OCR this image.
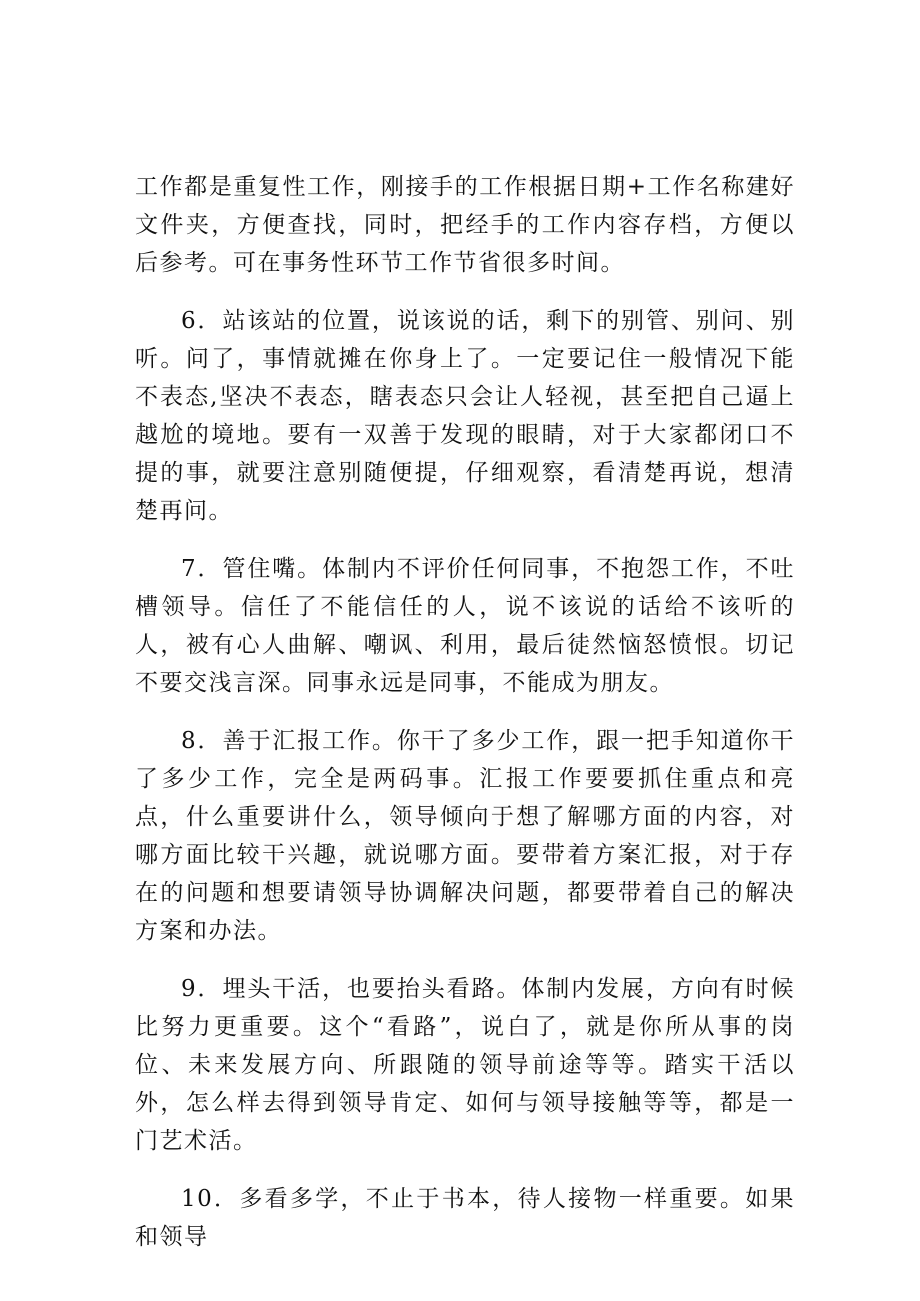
工作都是重复性工作，刚接手的工作根据日期+工作名称建好文件夹，方便查找，同时，把经手的工作内容存档，方便以后参考。可在事务性环节工作节省很多时间。

6．站该站的位置，说该说的话，剩下的别管、别问、别听。问了，事情就摊在你身上了。一定要记住一般情况下能不表态,坚决不表态，瞎表态只会让人轻视，甚至把自己逼上越尬的境地。要有一双善于发现的眼睛，对于大家都闭口不提的事，就要注意别随便提，仔细观察，看清楚再说，想清楚再问。

7．管住嘴。体制内不评价任何同事，不抱怨工作，不吐槽领导。信任了不能信任的人，说不该说的话给不该听的人，被有心人曲解、嘲讽、利用，最后徒然恼怒愤恨。切记不要交浅言深。同事永远是同事，不能成为朋友。

8．善于汇报工作。你干了多少工作，跟一把手知道你干了多少工作，完全是两码事。汇报工作要要抓住重点和亮点，什么重要讲什么，领导倾向于想了解哪方面的内容，对哪方面比较干兴趣，就说哪方面。要带着方案汇报，对于存在的问题和想要请领导协调解决问题，都要带着自己的解决方案和办法。

9．埋头干活，也要抬头看路。体制内发展，方向有时候比努力更重要。这个“看路”，说白了，就是你所从事的岗位、未来发展方向、所跟随的领导前途等等。踏实干活以外，怎么样去得到领导肯定、如何与领导接触等等，都是一门艺术活。

10．多看多学，不止于书本，待人接物一样重要。如果和领导
